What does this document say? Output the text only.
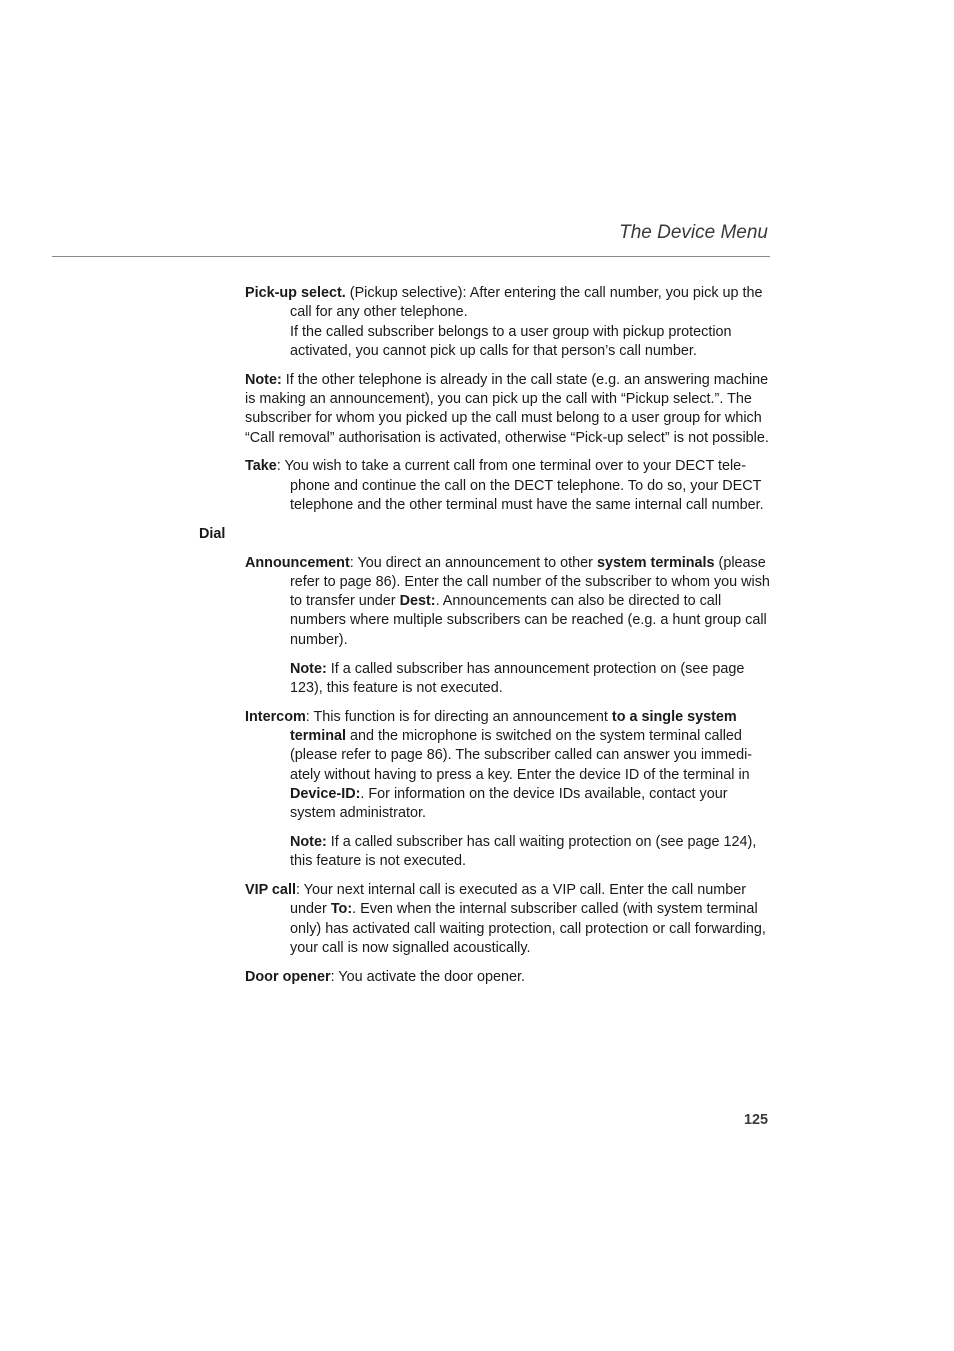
The Device Menu
Pick-up select. (Pickup selective): After entering the call number, you pick up the call for any other telephone.
If the called subscriber belongs to a user group with pickup protection activated, you cannot pick up calls for that person’s call number.
Note: If the other telephone is already in the call state (e.g. an answering machine is making an announcement), you can pick up the call with “Pickup select.”. The subscriber for whom you picked up the call must belong to a user group for which “Call removal” authorisation is activated, otherwise “Pick-up select” is not possible.
Take: You wish to take a current call from one terminal over to your DECT telephone and continue the call on the DECT telephone. To do so, your DECT telephone and the other terminal must have the same internal call number.
Dial
Announcement: You direct an announcement to other system terminals (please refer to page 86). Enter the call number of the subscriber to whom you wish to transfer under Dest:. Announcements can also be directed to call numbers where multiple subscribers can be reached (e.g. a hunt group call number).
Note: If a called subscriber has announcement protection on (see page 123), this feature is not executed.
Intercom: This function is for directing an announcement to a single system terminal and the microphone is switched on the system terminal called (please refer to page 86). The subscriber called can answer you immediately without having to press a key. Enter the device ID of the terminal in Device-ID:. For information on the device IDs available, contact your system administrator.
Note: If a called subscriber has call waiting protection on (see page 124), this feature is not executed.
VIP call: Your next internal call is executed as a VIP call. Enter the call number under To:. Even when the internal subscriber called (with system terminal only) has activated call waiting protection, call protection or call forwarding, your call is now signalled acoustically.
Door opener: You activate the door opener.
125
